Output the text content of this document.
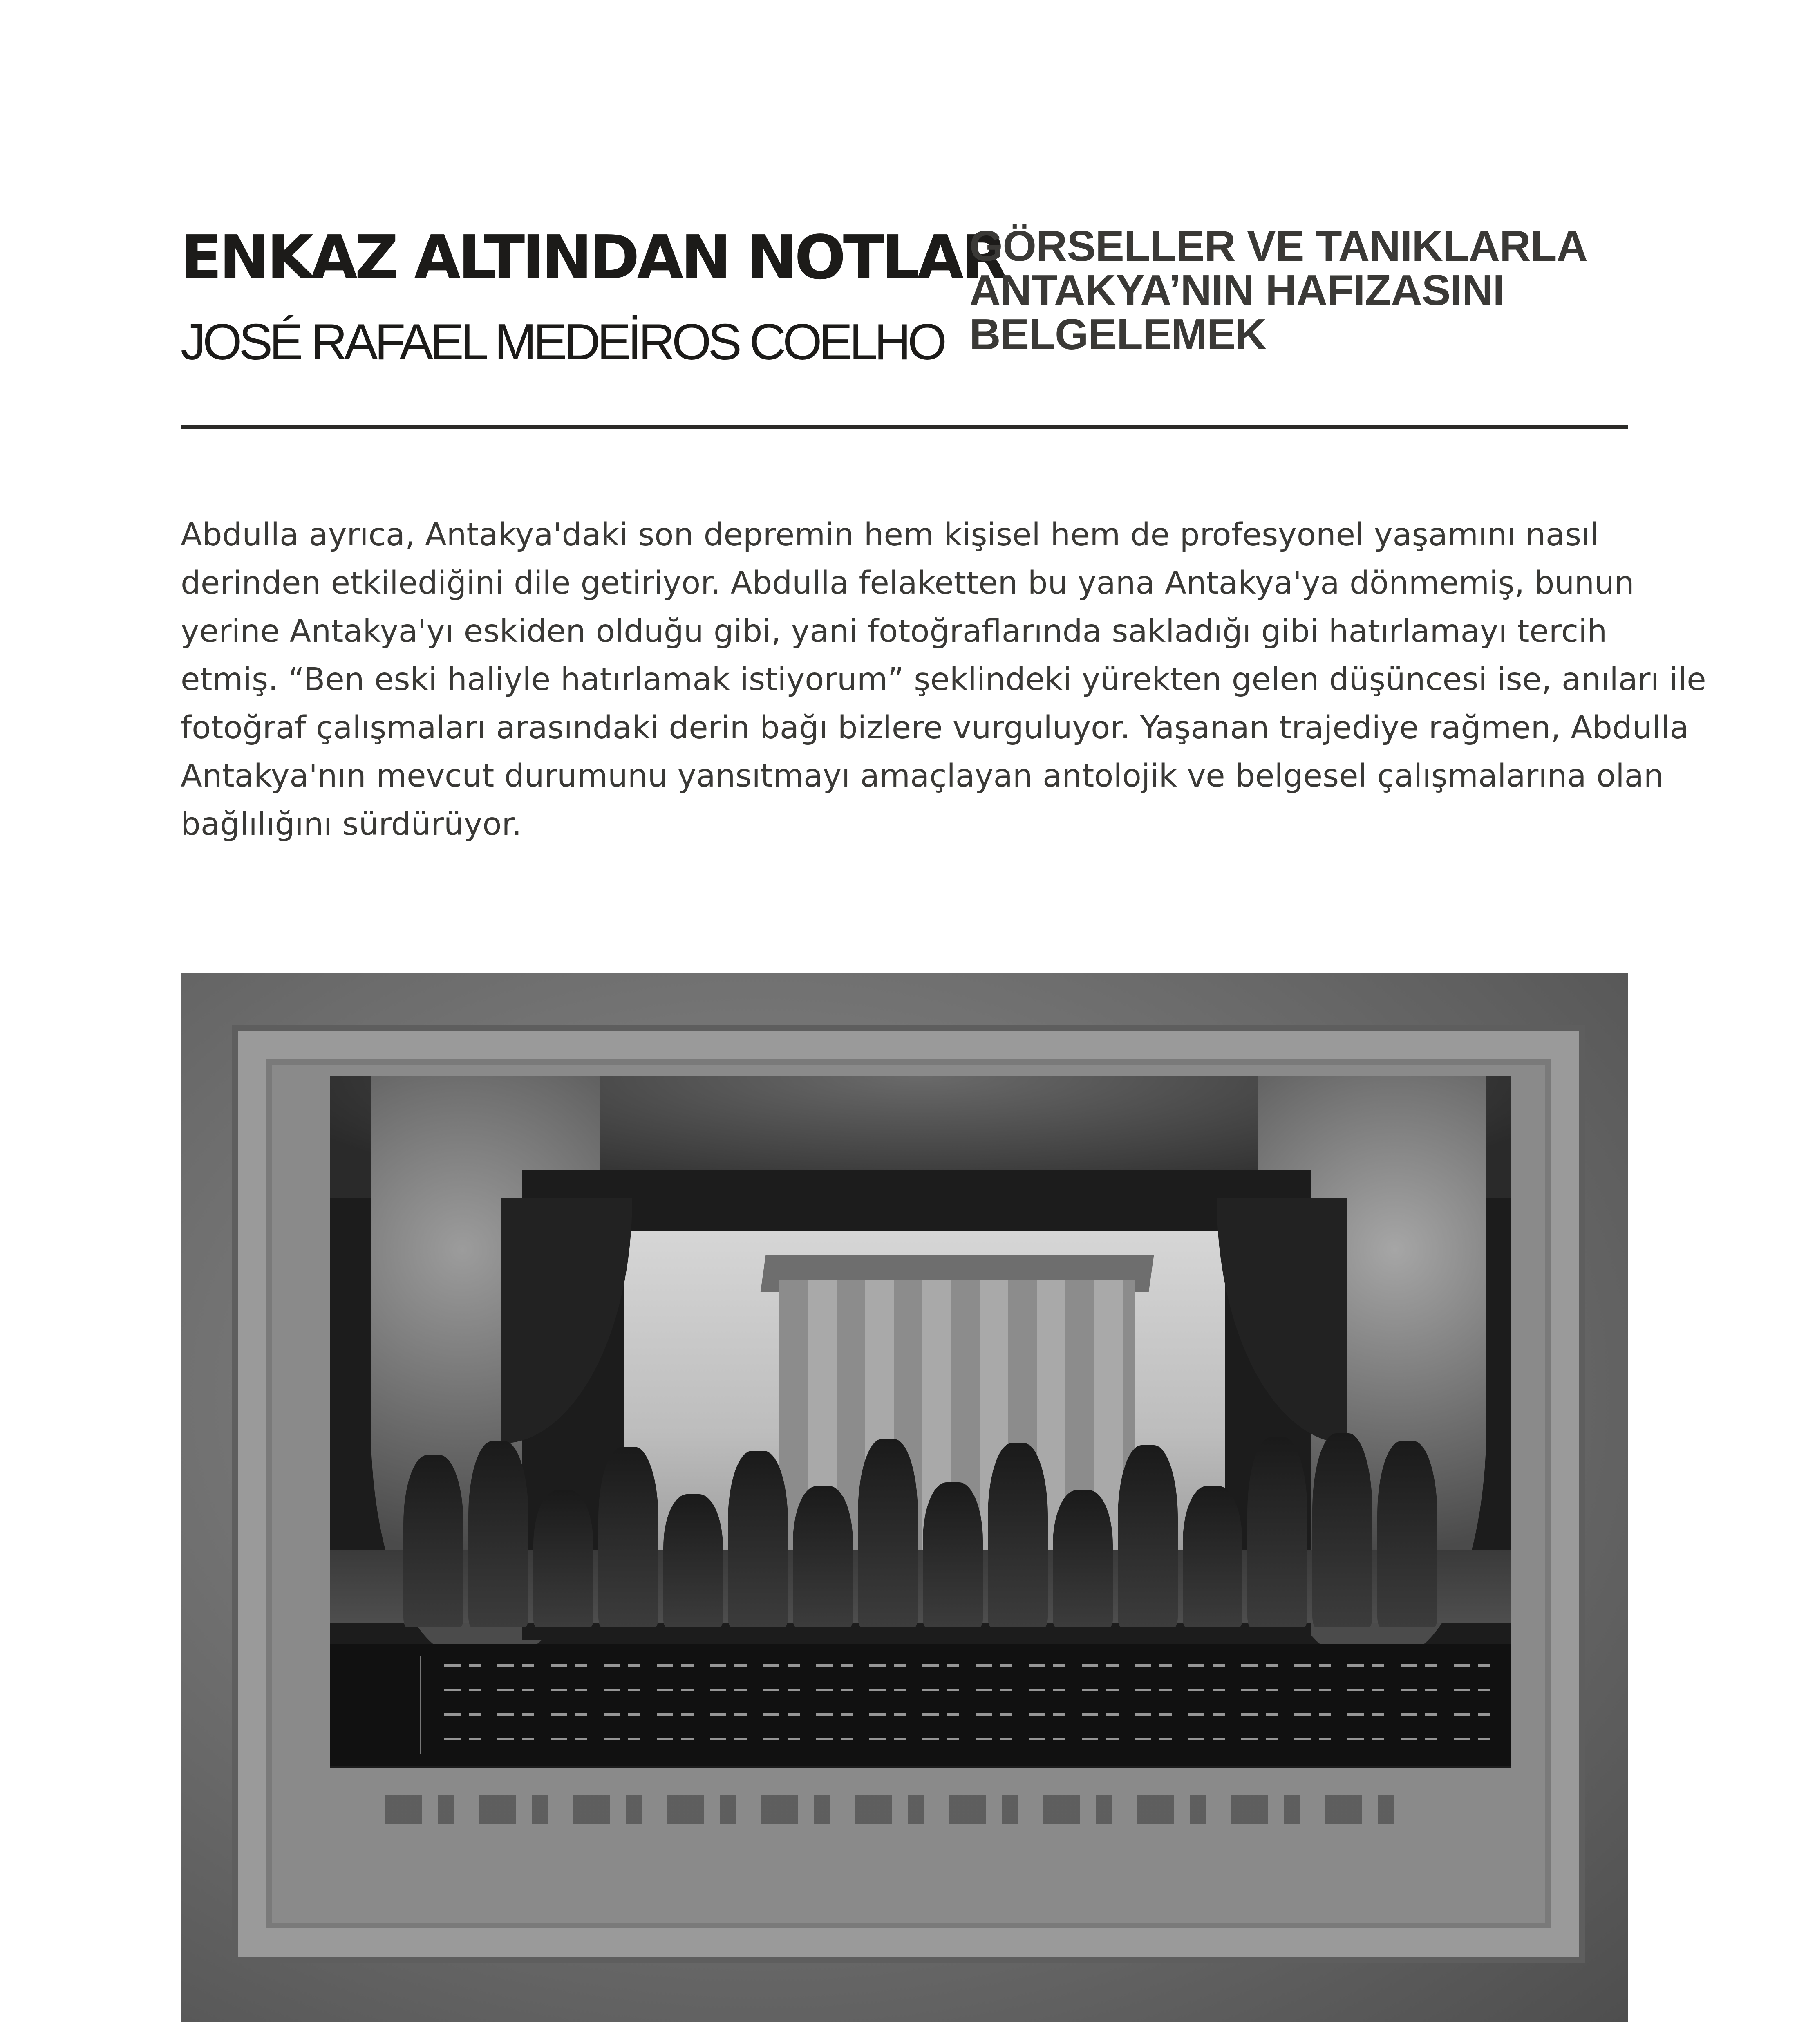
ENKAZ ALTINDAN NOTLAR
JOSÉ RAFAEL MEDEİROS COELHO
GÖRSELLER VE TANIKLARLA
ANTAKYA’NIN HAFIZASINI
BELGELEMEK
Abdulla ayrıca, Antakya'daki son depremin hem kişisel hem de profesyonel yaşamını nasıl
derinden etkilediğini dile getiriyor. Abdulla felaketten bu yana Antakya'ya dönmemiş, bunun
yerine Antakya'yı eskiden olduğu gibi, yani fotoğraflarında sakladığı gibi hatırlamayı tercih
etmiş. “Ben eski haliyle hatırlamak istiyorum” şeklindeki yürekten gelen düşüncesi ise, anıları ile
fotoğraf çalışmaları arasındaki derin bağı bizlere vurguluyor. Yaşanan trajediye rağmen, Abdulla
Antakya'nın mevcut durumunu yansıtmayı amaçlayan antolojik ve belgesel çalışmalarına olan
bağlılığını sürdürüyor.
